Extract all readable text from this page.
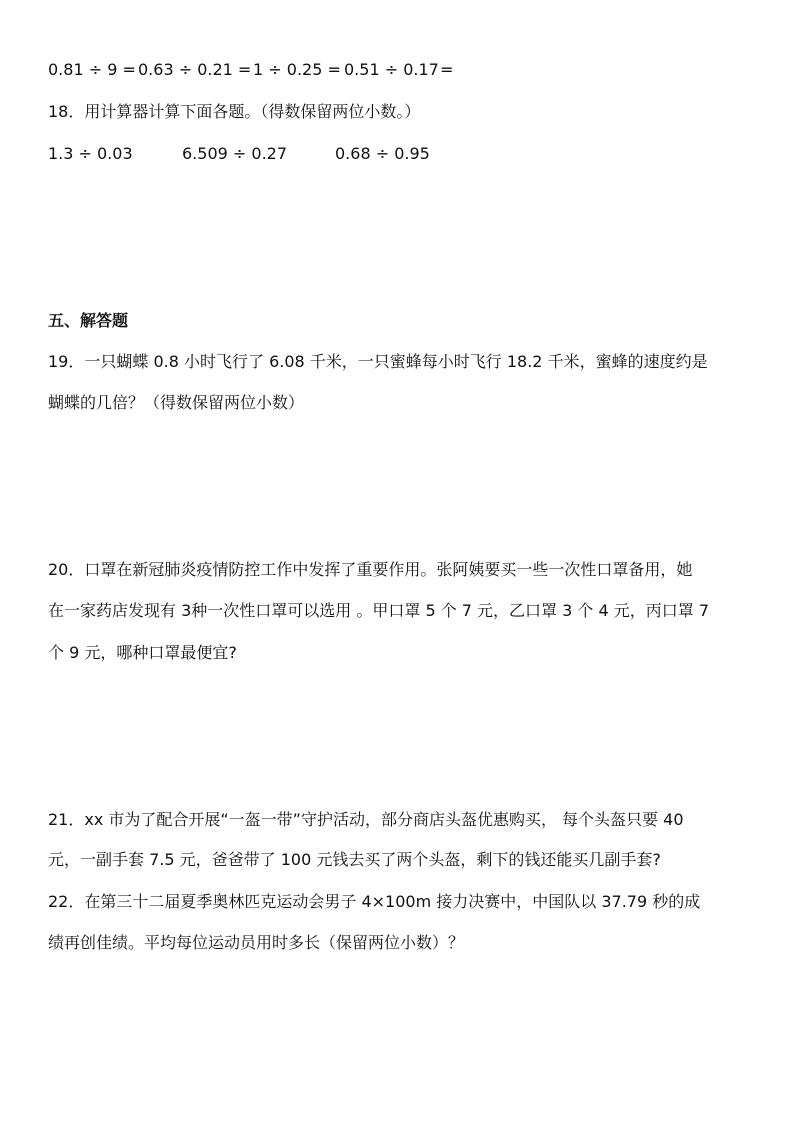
0.81 ÷ 9 = 0.63 ÷ 0.21 = 1 ÷ 0.25 = 0.51 ÷ 0.17 =
18．用计算器计算下面各题。（得数保留两位小数。）
1.3 ÷ 0.03	6.509 ÷ 0.27	0.68 ÷ 0.95
五、解答题
19．一只蝴蝶 0.8 小时飞行了 6.08 千米，一只蜜蜂每小时飞行 18.2 千米，蜜蜂的速度约是
蝴蝶的几倍？（得数保留两位小数）
20．口罩在新冠肺炎疫情防控工作中发挥了重要作用。张阿姨要买一些一次性口罩备用，她
在一家药店发现有 3种一次性口罩可以选用 。甲口罩 5 个 7 元，乙口罩 3 个 4 元，丙口罩 7
个 9 元，哪种口罩最便宜?
21．xx 市为了配合开展“一盔一带”守护活动，部分商店头盔优惠购买， 每个头盔只要 40
元，一副手套 7.5 元，爸爸带了 100 元钱去买了两个头盔，剩下的钱还能买几副手套?
22．在第三十二届夏季奥林匹克运动会男子 4×100m 接力决赛中，中国队以 37.79 秒的成
绩再创佳绩。平均每位运动员用时多长（保留两位小数）？
